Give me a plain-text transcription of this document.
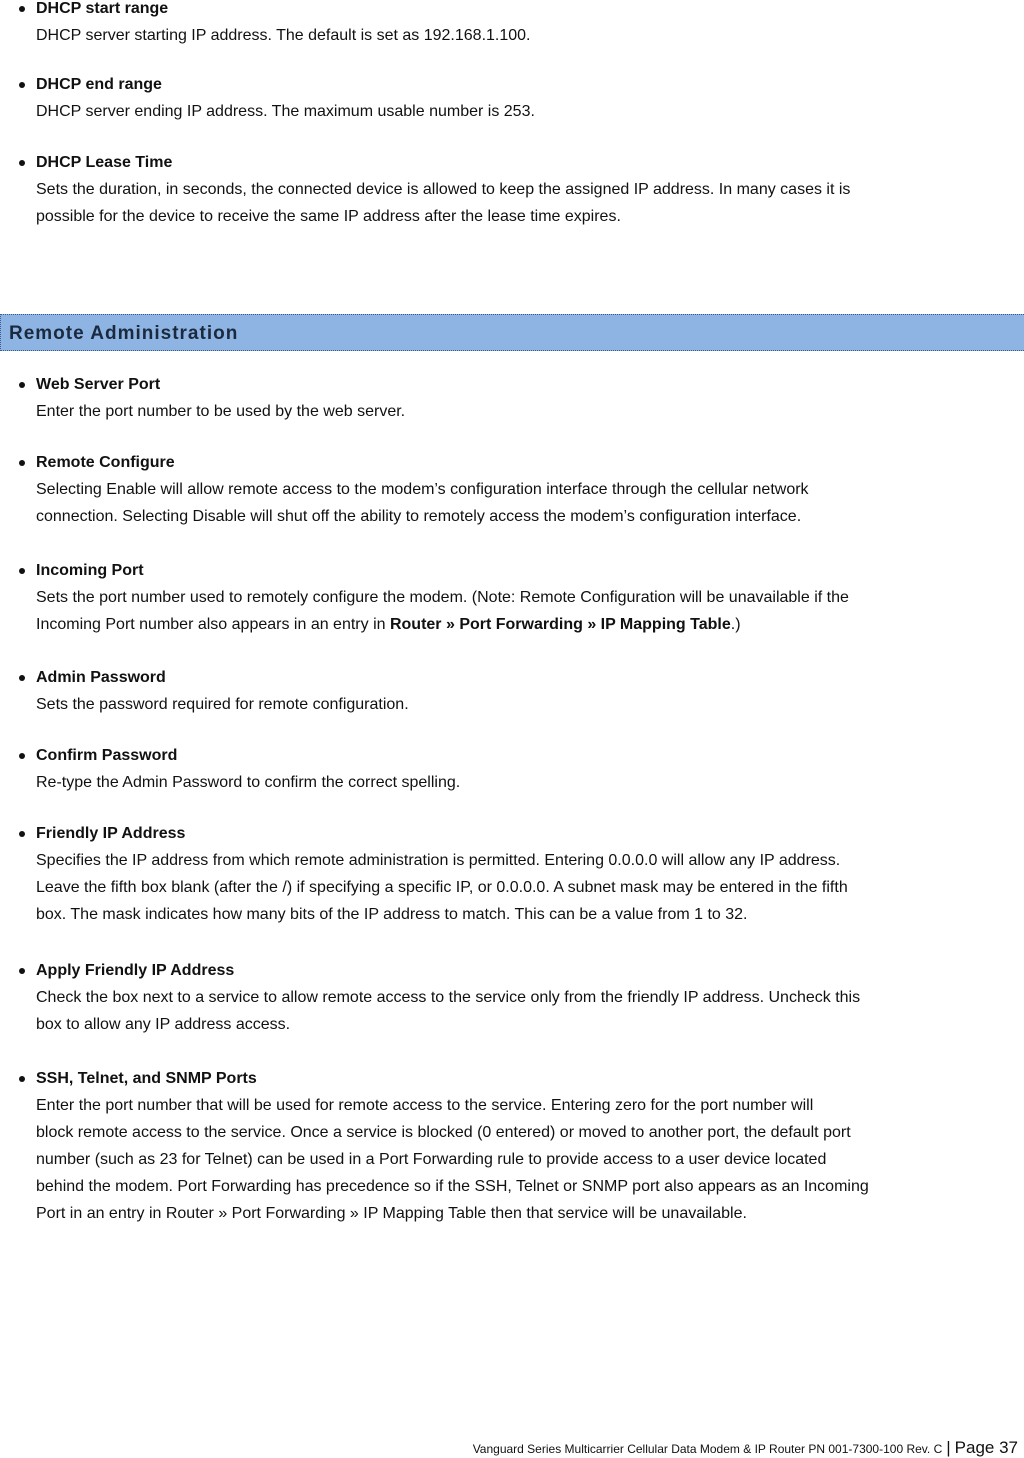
DHCP start range
DHCP server starting IP address. The default is set as 192.168.1.100.
DHCP end range
DHCP server ending IP address. The maximum usable number is 253.
DHCP Lease Time
Sets the duration, in seconds, the connected device is allowed to keep the assigned IP address. In many cases it is
possible for the device to receive the same IP address after the lease time expires.
Remote Administration
Web Server Port
Enter the port number to be used by the web server.
Remote Configure
Selecting Enable will allow remote access to the modem’s configuration interface through the cellular network
connection. Selecting Disable will shut off the ability to remotely access the modem’s configuration interface.
Incoming Port
Sets the port number used to remotely configure the modem. (Note: Remote Configuration will be unavailable if the
Incoming Port number also appears in an entry in Router » Port Forwarding » IP Mapping Table.)
Admin Password
Sets the password required for remote configuration.
Confirm Password
Re-type the Admin Password to confirm the correct spelling.
Friendly IP Address
Specifies the IP address from which remote administration is permitted. Entering 0.0.0.0 will allow any IP address.
Leave the fifth box blank (after the /) if specifying a specific IP, or 0.0.0.0. A subnet mask may be entered in the fifth
box. The mask indicates how many bits of the IP address to match. This can be a value from 1 to 32.
Apply Friendly IP Address
Check the box next to a service to allow remote access to the service only from the friendly IP address. Uncheck this
box to allow any IP address access.
SSH, Telnet, and SNMP Ports
Enter the port number that will be used for remote access to the service. Entering zero for the port number will
block remote access to the service. Once a service is blocked (0 entered) or moved to another port, the default port
number (such as 23 for Telnet) can be used in a Port Forwarding rule to provide access to a user device located
behind the modem. Port Forwarding has precedence so if the SSH, Telnet or SNMP port also appears as an Incoming
Port in an entry in Router » Port Forwarding » IP Mapping Table then that service will be unavailable.
Vanguard Series Multicarrier Cellular Data Modem & IP Router PN 001-7300-100 Rev. C | Page 37
